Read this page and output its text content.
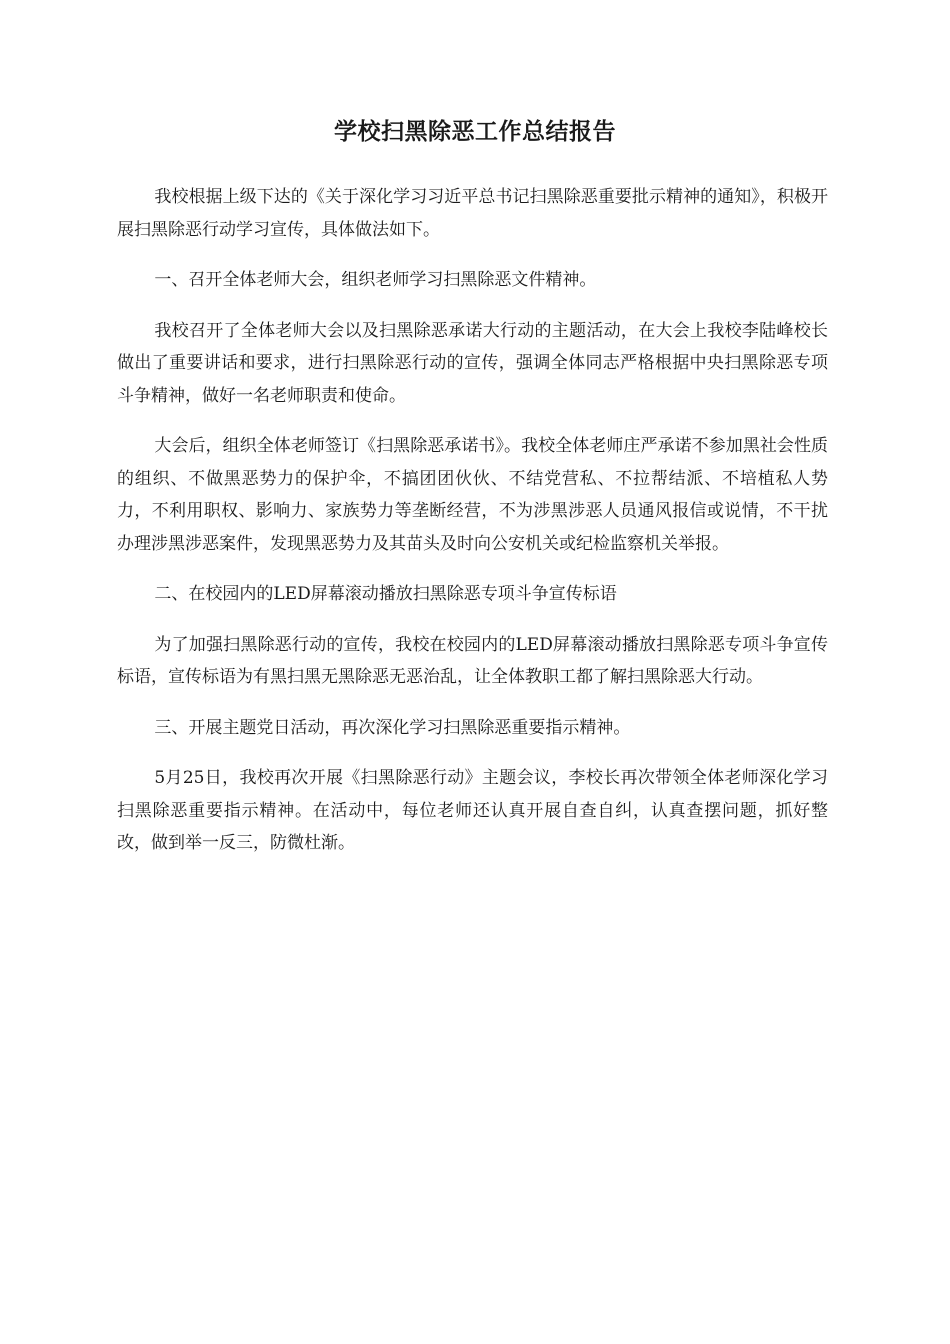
学校扫黑除恶工作总结报告

我校根据上级下达的《关于深化学习习近平总书记扫黑除恶重要批示精神的通知》，积极开展扫黑除恶行动学习宣传，具体做法如下。

一、召开全体老师大会，组织老师学习扫黑除恶文件精神。

我校召开了全体老师大会以及扫黑除恶承诺大行动的主题活动，在大会上我校李陆峰校长做出了重要讲话和要求，进行扫黑除恶行动的宣传，强调全体同志严格根据中央扫黑除恶专项斗争精神，做好一名老师职责和使命。

大会后，组织全体老师签订《扫黑除恶承诺书》。我校全体老师庄严承诺不参加黑社会性质的组织、不做黑恶势力的保护伞，不搞团团伙伙、不结党营私、不拉帮结派、不培植私人势力，不利用职权、影响力、家族势力等垄断经营，不为涉黑涉恶人员通风报信或说情，不干扰办理涉黑涉恶案件，发现黑恶势力及其苗头及时向公安机关或纪检监察机关举报。

二、在校园内的LED屏幕滚动播放扫黑除恶专项斗争宣传标语

为了加强扫黑除恶行动的宣传，我校在校园内的LED屏幕滚动播放扫黑除恶专项斗争宣传标语，宣传标语为有黑扫黑无黑除恶无恶治乱，让全体教职工都了解扫黑除恶大行动。

三、开展主题党日活动，再次深化学习扫黑除恶重要指示精神。

5月25日，我校再次开展《扫黑除恶行动》主题会议，李校长再次带领全体老师深化学习扫黑除恶重要指示精神。在活动中，每位老师还认真开展自查自纠，认真查摆问题，抓好整改，做到举一反三，防微杜渐。
